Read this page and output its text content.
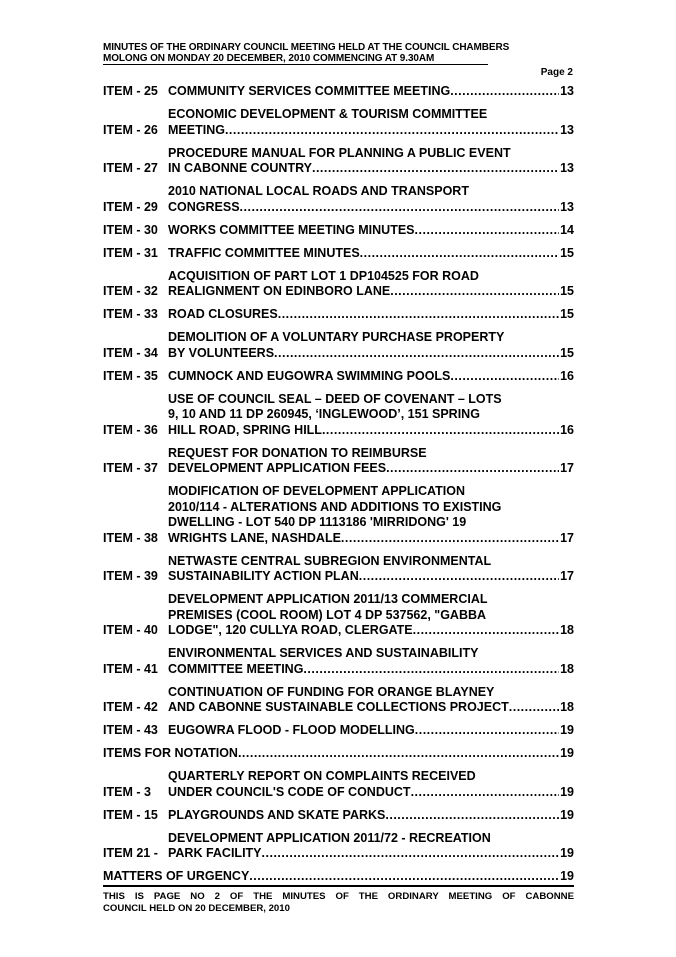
MINUTES OF THE ORDINARY COUNCIL MEETING HELD AT THE COUNCIL CHAMBERS
MOLONG ON MONDAY 20 DECEMBER, 2010 COMMENCING AT 9.30AM
Page 2
ITEM - 25 COMMUNITY SERVICES COMMITTEE MEETING .....	13
ITEM - 26
ECONOMIC DEVELOPMENT & TOURISM COMMITTEE
MEETING .....	13
ITEM - 27
PROCEDURE MANUAL FOR PLANNING A PUBLIC EVENT
IN CABONNE COUNTRY .....	13
ITEM - 29
2010 NATIONAL LOCAL ROADS AND TRANSPORT
CONGRESS .....	13
ITEM - 30 WORKS COMMITTEE MEETING MINUTES .....	14
ITEM - 31 TRAFFIC COMMITTEE MINUTES .....	15
ITEM - 32
ACQUISITION OF PART LOT 1 DP104525 FOR ROAD
REALIGNMENT ON EDINBORO LANE .....	15
ITEM - 33 ROAD CLOSURES .....	15
ITEM - 34
DEMOLITION OF A VOLUNTARY PURCHASE PROPERTY
BY VOLUNTEERS .....	15
ITEM - 35 CUMNOCK AND EUGOWRA SWIMMING POOLS .....	16
ITEM - 36
USE OF COUNCIL SEAL – DEED OF COVENANT – LOTS
9, 10 AND 11 DP 260945, ‘INGLEWOOD’, 151 SPRING
HILL ROAD, SPRING HILL .....	16
ITEM - 37
REQUEST FOR DONATION TO REIMBURSE
DEVELOPMENT APPLICATION FEES .....	17
ITEM - 38
MODIFICATION OF DEVELOPMENT APPLICATION
2010/114 - ALTERATIONS AND ADDITIONS TO EXISTING
DWELLING - LOT 540 DP 1113186 'MIRRIDONG' 19
WRIGHTS LANE, NASHDALE .....	17
ITEM - 39
NETWASTE CENTRAL SUBREGION ENVIRONMENTAL
SUSTAINABILITY ACTION PLAN .....	17
ITEM - 40
DEVELOPMENT APPLICATION 2011/13 COMMERCIAL
PREMISES (COOL ROOM) LOT 4 DP 537562, "GABBA
LODGE", 120 CULLYA ROAD, CLERGATE .....	18
ITEM - 41
ENVIRONMENTAL SERVICES AND SUSTAINABILITY
COMMITTEE MEETING .....	18
ITEM - 42
CONTINUATION OF FUNDING FOR ORANGE BLAYNEY
AND CABONNE SUSTAINABLE COLLECTIONS PROJECT .....	18
ITEM - 43 EUGOWRA FLOOD - FLOOD MODELLING .....	19
ITEMS FOR NOTATION .....	19
ITEM - 3
QUARTERLY REPORT ON COMPLAINTS RECEIVED
UNDER COUNCIL'S CODE OF CONDUCT .....	19
ITEM - 15 PLAYGROUNDS AND SKATE PARKS .....	19
ITEM 21 -
DEVELOPMENT APPLICATION 2011/72 - RECREATION
PARK FACILITY .....	19
MATTERS OF URGENCY .....	19
THIS IS PAGE NO 2 OF THE MINUTES OF THE ORDINARY MEETING OF CABONNE
COUNCIL HELD ON 20 DECEMBER, 2010
